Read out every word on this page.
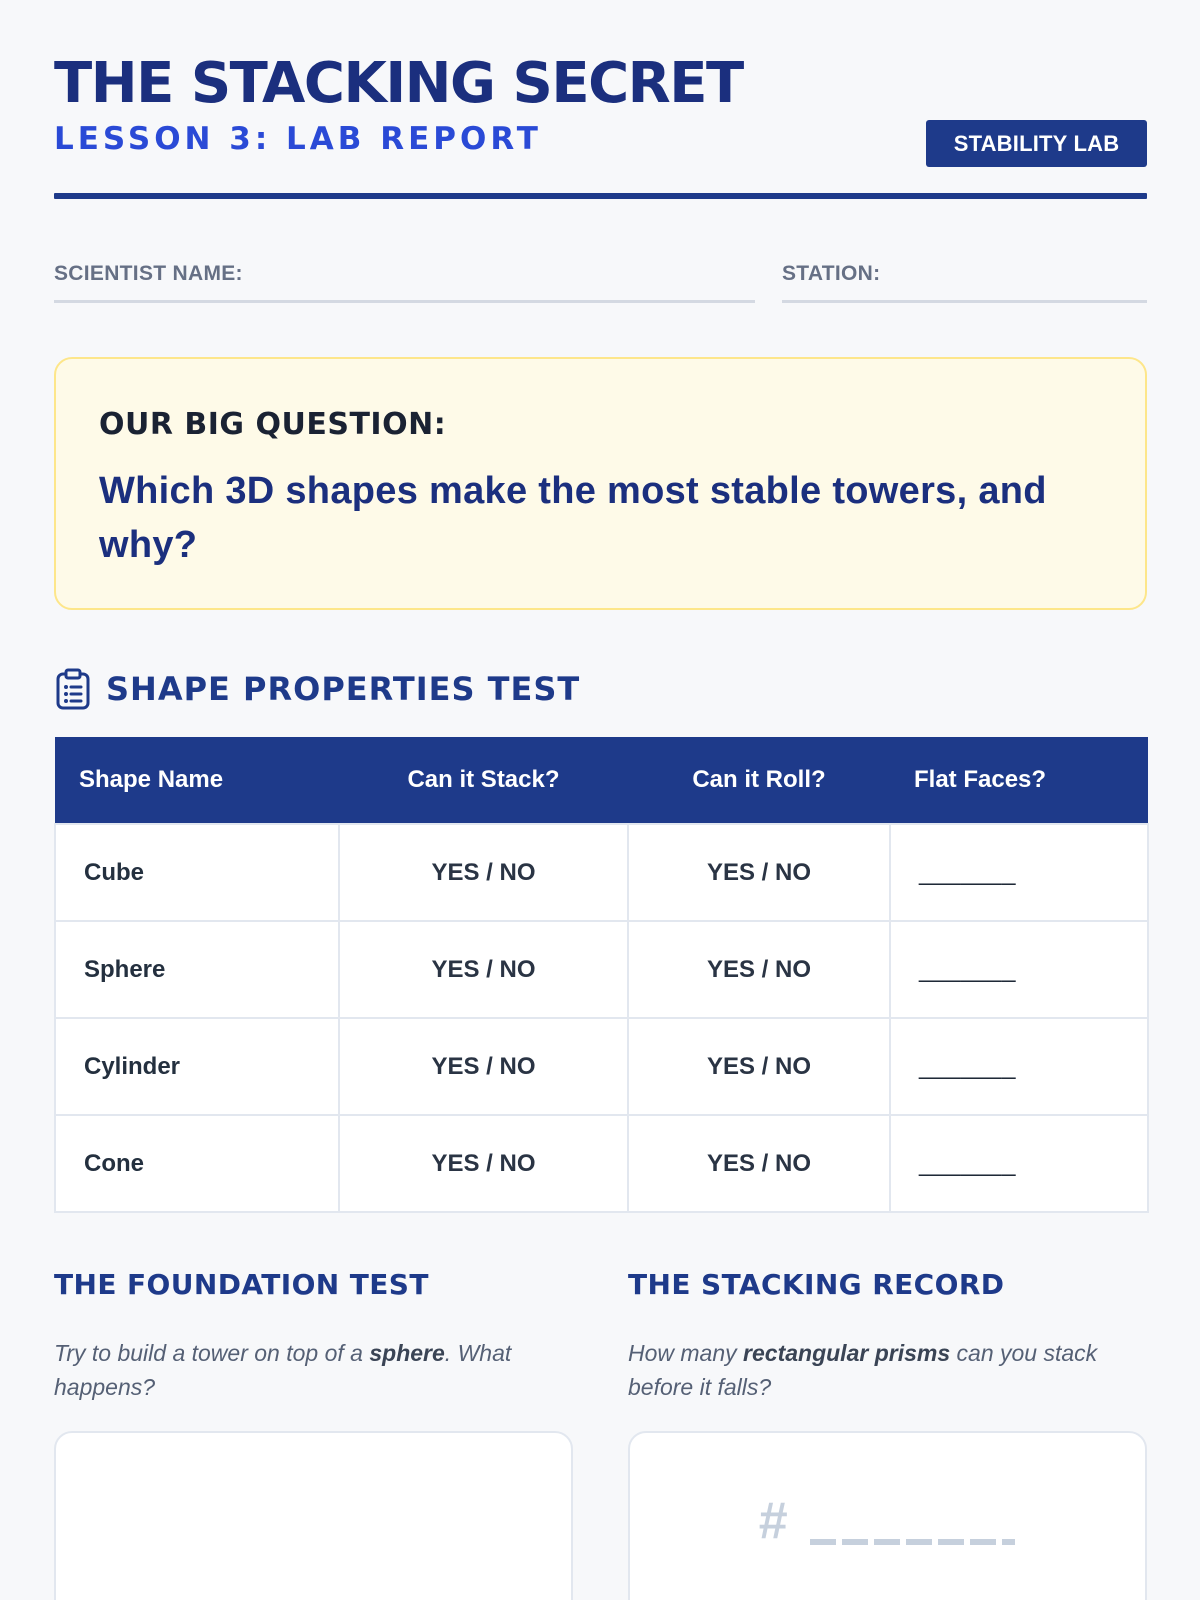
THE STACKING SECRET
LESSON 3: LAB REPORT	STABILITY LAB
SCIENTIST NAME:	STATION:
OUR BIG QUESTION:
Which 3D shapes make the most stable towers, and why?
SHAPE PROPERTIES TEST
Shape Name	Can it Stack?	Can it Roll?	Flat Faces?
Cube	YES / NO	YES / NO	_______
Sphere	YES / NO	YES / NO	_______
Cylinder	YES / NO	YES / NO	_______
Cone	YES / NO	YES / NO	_______
THE FOUNDATION TEST
Try to build a tower on top of a sphere. What happens?
THE STACKING RECORD
How many rectangular prisms can you stack before it falls?
#
